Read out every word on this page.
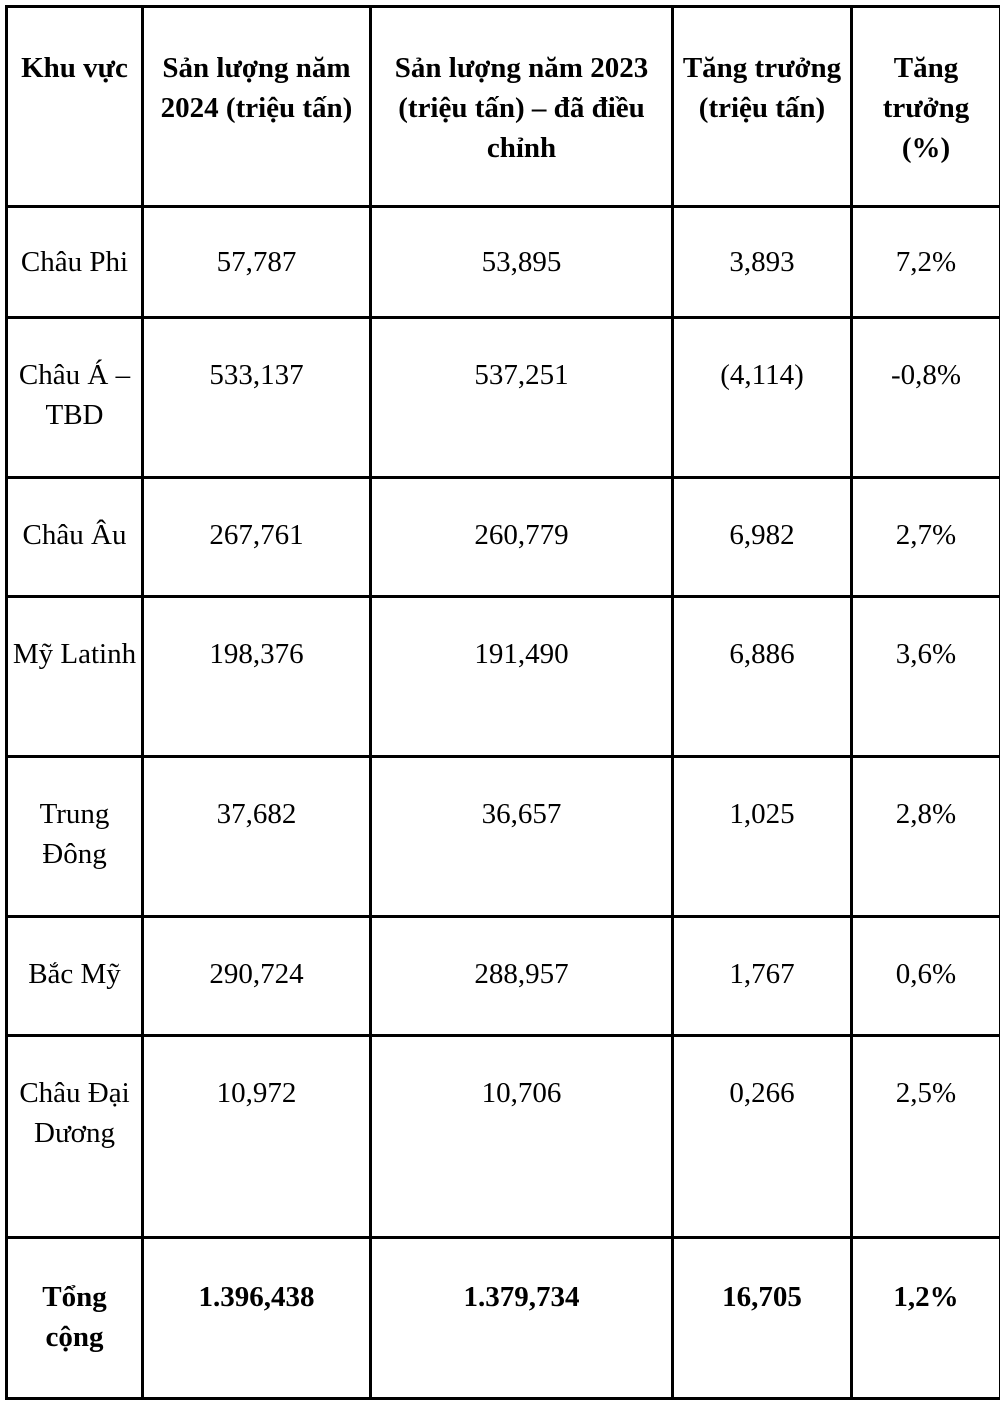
Khu vực	Sản lượng năm 2024 (triệu tấn)	Sản lượng năm 2023 (triệu tấn) – đã điều chỉnh	Tăng trưởng (triệu tấn)	Tăng trưởng (%)
Châu Phi	57,787	53,895	3,893	7,2%
Châu Á – TBD	533,137	537,251	(4,114)	-0,8%
Châu Âu	267,761	260,779	6,982	2,7%
Mỹ Latinh	198,376	191,490	6,886	3,6%
Trung Đông	37,682	36,657	1,025	2,8%
Bắc Mỹ	290,724	288,957	1,767	0,6%
Châu Đại Dương	10,972	10,706	0,266	2,5%
Tổng cộng	1.396,438	1.379,734	16,705	1,2%
